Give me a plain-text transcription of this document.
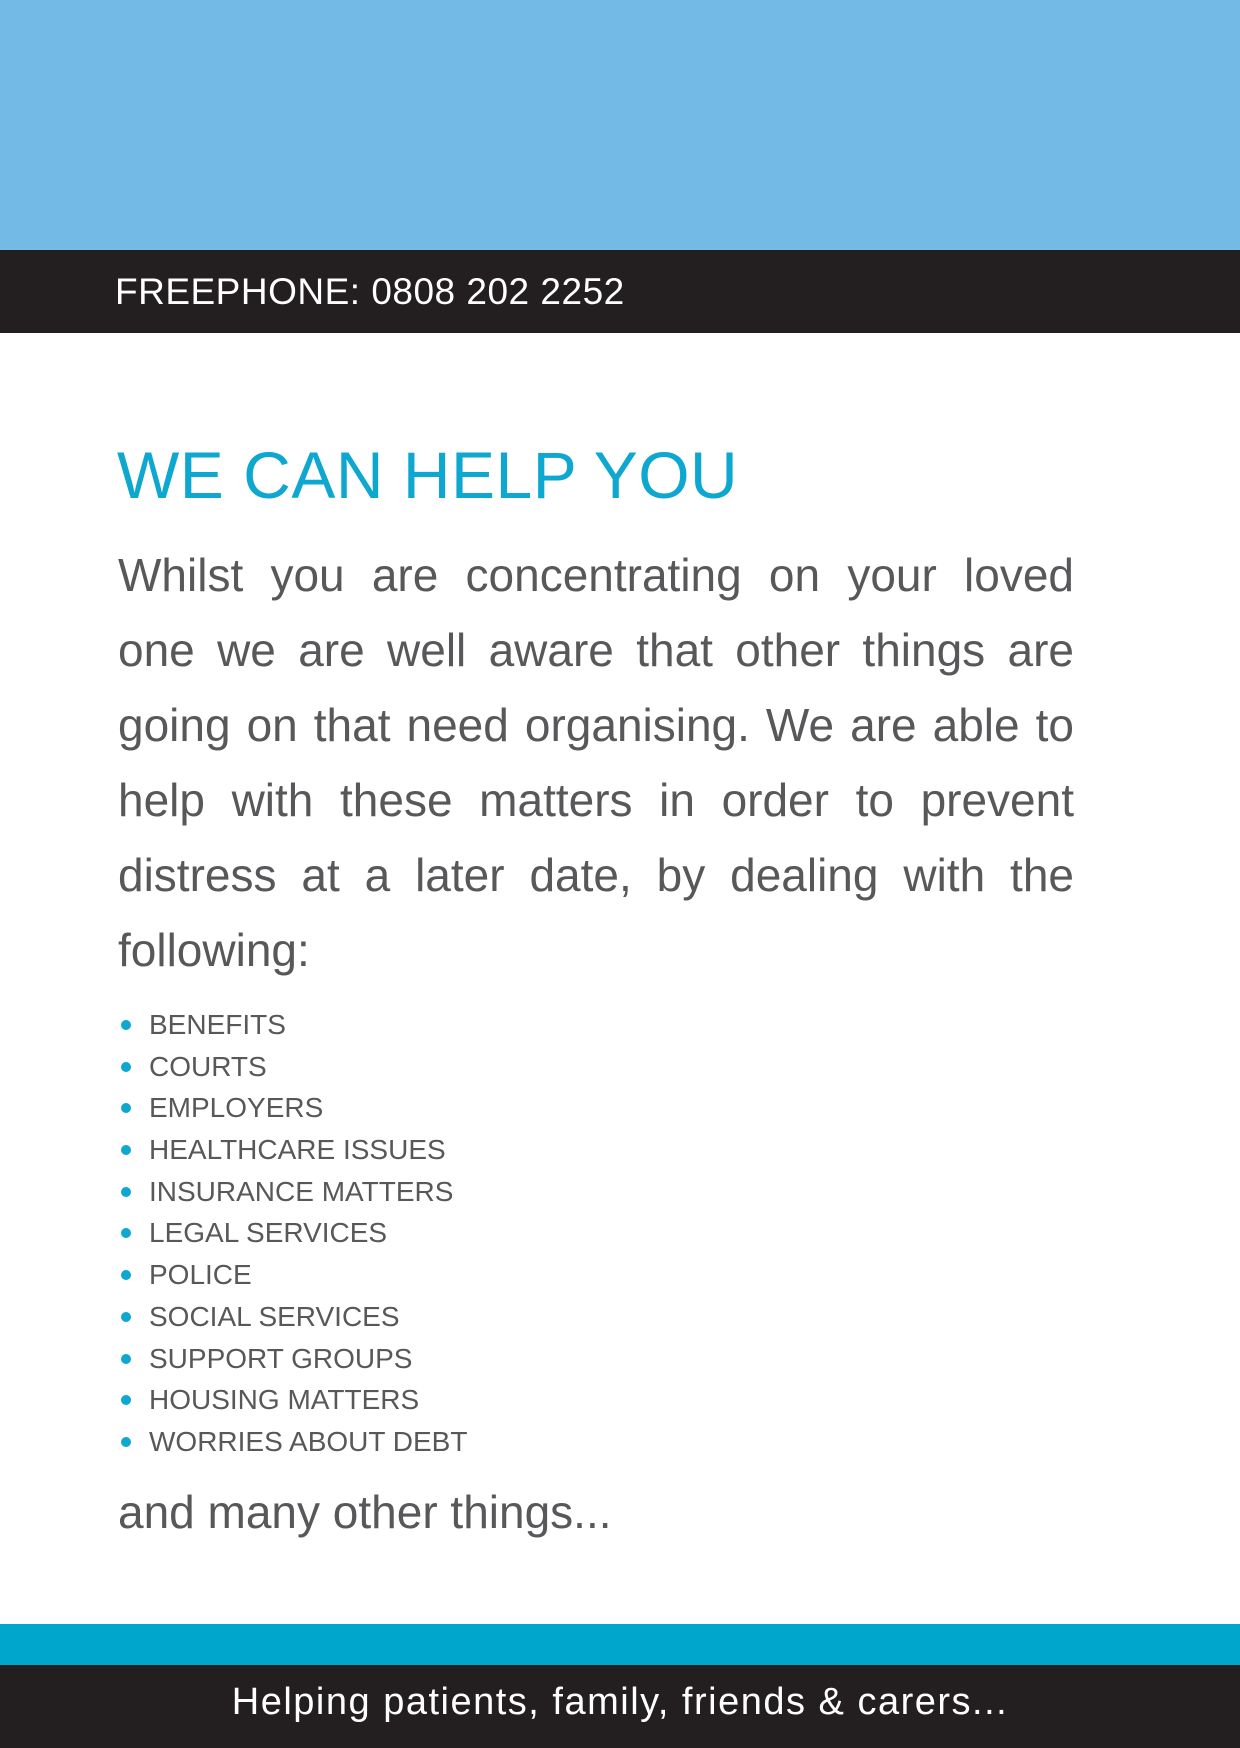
FREEPHONE: 0808 202 2252
WE CAN HELP YOU

Whilst you are concentrating on your loved one we are well aware that other things are going on that need organising. We are able to help with these matters in order to prevent distress at a later date, by dealing with the following:

BENEFITS
COURTS
EMPLOYERS
HEALTHCARE ISSUES
INSURANCE MATTERS
LEGAL SERVICES
POLICE
SOCIAL SERVICES
SUPPORT GROUPS
HOUSING MATTERS
WORRIES ABOUT DEBT

and many other things...

Helping patients, family, friends & carers...
